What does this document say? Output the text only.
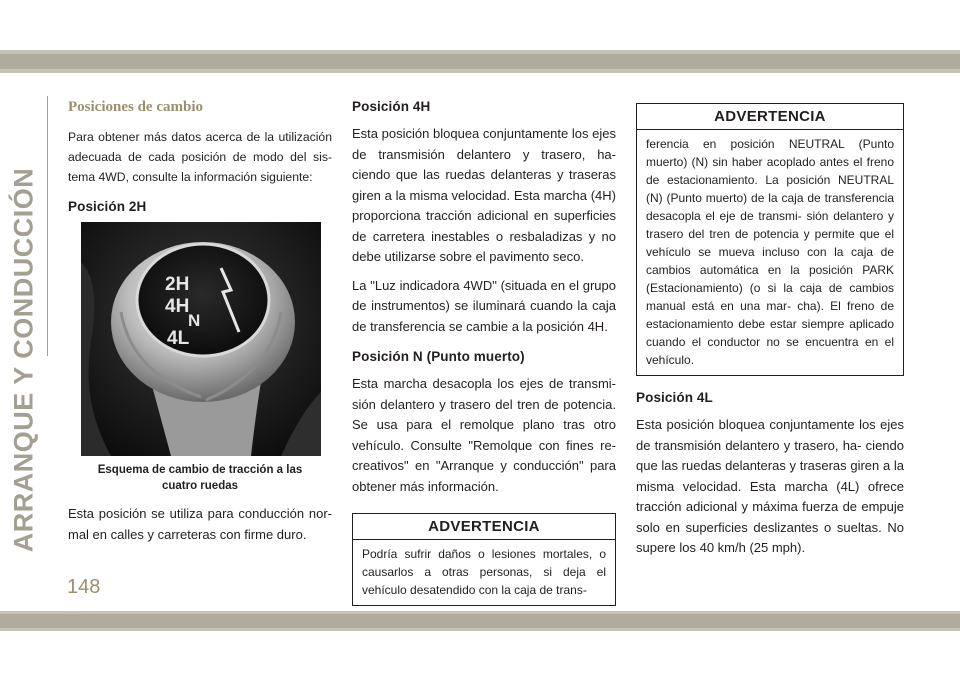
ARRANQUE Y CONDUCCIÓN
Posiciones de cambio

Para obtener más datos acerca de la utilización adecuada de cada posición de modo del sis- tema 4WD, consulte la información siguiente:

Posición 2H
2H
4H
N
4L
Esquema de cambio de tracción a las
cuatro ruedas

Esta posición se utiliza para conducción nor- mal en calles y carreteras con firme duro.

Posición 4H

Esta posición bloquea conjuntamente los ejes de transmisión delantero y trasero, ha- ciendo que las ruedas delanteras y traseras giren a la misma velocidad. Esta marcha (4H) proporciona tracción adicional en superficies de carretera inestables o resbaladizas y no debe utilizarse sobre el pavimento seco.

La "Luz indicadora 4WD" (situada en el grupo de instrumentos) se iluminará cuando la caja de transferencia se cambie a la posición 4H.

Posición N (Punto muerto)

Esta marcha desacopla los ejes de transmi- sión delantero y trasero del tren de potencia. Se usa para el remolque plano tras otro vehículo. Consulte "Remolque con fines re- creativos" en "Arranque y conducción" para obtener más información.

ADVERTENCIA
Podría sufrir daños o lesiones mortales, o causarlos a otras personas, si deja el vehículo desatendido con la caja de trans-
ADVERTENCIA
ferencia en posición NEUTRAL (Punto muerto) (N) sin haber acoplado antes el freno de estacionamiento. La posición NEUTRAL (N) (Punto muerto) de la caja de transferencia desacopla el eje de transmi- sión delantero y trasero del tren de potencia y permite que el vehículo se mueva incluso con la caja de cambios automática en la posición PARK (Estacionamiento) (o si la caja de cambios manual está en una mar- cha). El freno de estacionamiento debe estar siempre aplicado cuando el conductor no se encuentra en el vehículo.
Posición 4L

Esta posición bloquea conjuntamente los ejes de transmisión delantero y trasero, ha- ciendo que las ruedas delanteras y traseras giren a la misma velocidad. Esta marcha (4L) ofrece tracción adicional y máxima fuerza de empuje solo en superficies deslizantes o sueltas. No supere los 40 km/h (25 mph).

148
